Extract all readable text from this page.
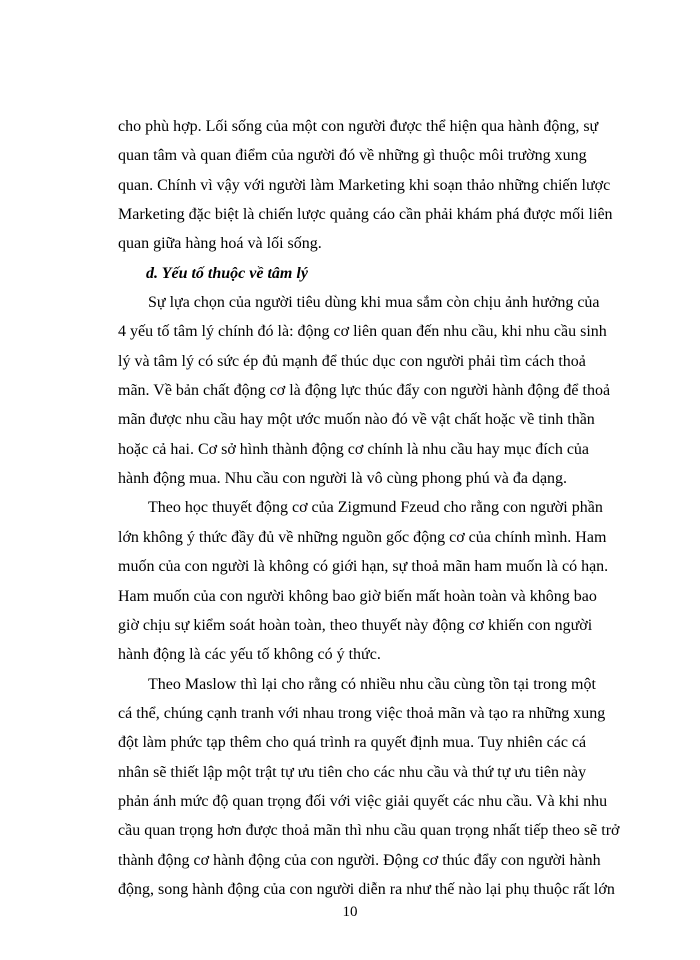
cho phù hợp. Lối sống của một con người được thể hiện qua hành động, sự
quan tâm và quan điểm của người đó về những gì thuộc môi trường xung
quan. Chính vì vậy với người làm Marketing khi soạn thảo những chiến lược
Marketing đặc biệt là chiến lược quảng cáo cần phải khám phá được mối liên
quan giữa hàng hoá và lối sống.
d. Yếu tố thuộc về tâm lý
Sự lựa chọn của người tiêu dùng khi mua sắm còn chịu ảnh hưởng của
4 yếu tố tâm lý chính đó là: động cơ liên quan đến nhu cầu, khi nhu cầu sinh
lý và tâm lý có sức ép đủ mạnh để thúc dục con người phải tìm cách thoả
mãn. Về bản chất động cơ là động lực thúc đẩy con người hành động để thoả
mãn được nhu cầu hay một ước muốn nào đó về vật chất hoặc về tinh thần
hoặc cả hai. Cơ sở hình thành động cơ chính là nhu cầu hay mục đích của
hành động mua. Nhu cầu con người là vô cùng phong phú và đa dạng.
Theo học thuyết động cơ của Zigmund Fzeud cho rằng con người phần
lớn không ý thức đầy đủ về những nguồn gốc động cơ của chính mình. Ham
muốn của con người là không có giới hạn, sự thoả mãn ham muốn là có hạn.
Ham muốn của con người không bao giờ biến mất hoàn toàn và không bao
giờ chịu sự kiểm soát hoàn toàn, theo thuyết này động cơ khiến con người
hành động là các yếu tố không có ý thức.
Theo Maslow thì lại cho rằng có nhiều nhu cầu cùng tồn tại trong một
cá thể, chúng cạnh tranh với nhau trong việc thoả mãn và tạo ra những xung
đột làm phức tạp thêm cho quá trình ra quyết định mua. Tuy nhiên các cá
nhân sẽ thiết lập một trật tự ưu tiên cho các nhu cầu và thứ tự ưu tiên này
phản ánh mức độ quan trọng đối với việc giải quyết các nhu cầu. Và khi nhu
cầu quan trọng hơn được thoả mãn thì nhu cầu quan trọng nhất tiếp theo sẽ trở
thành động cơ hành động của con người. Động cơ thúc đẩy con người hành
động, song hành động của con người diễn ra như thế nào lại phụ thuộc rất lớn
10
